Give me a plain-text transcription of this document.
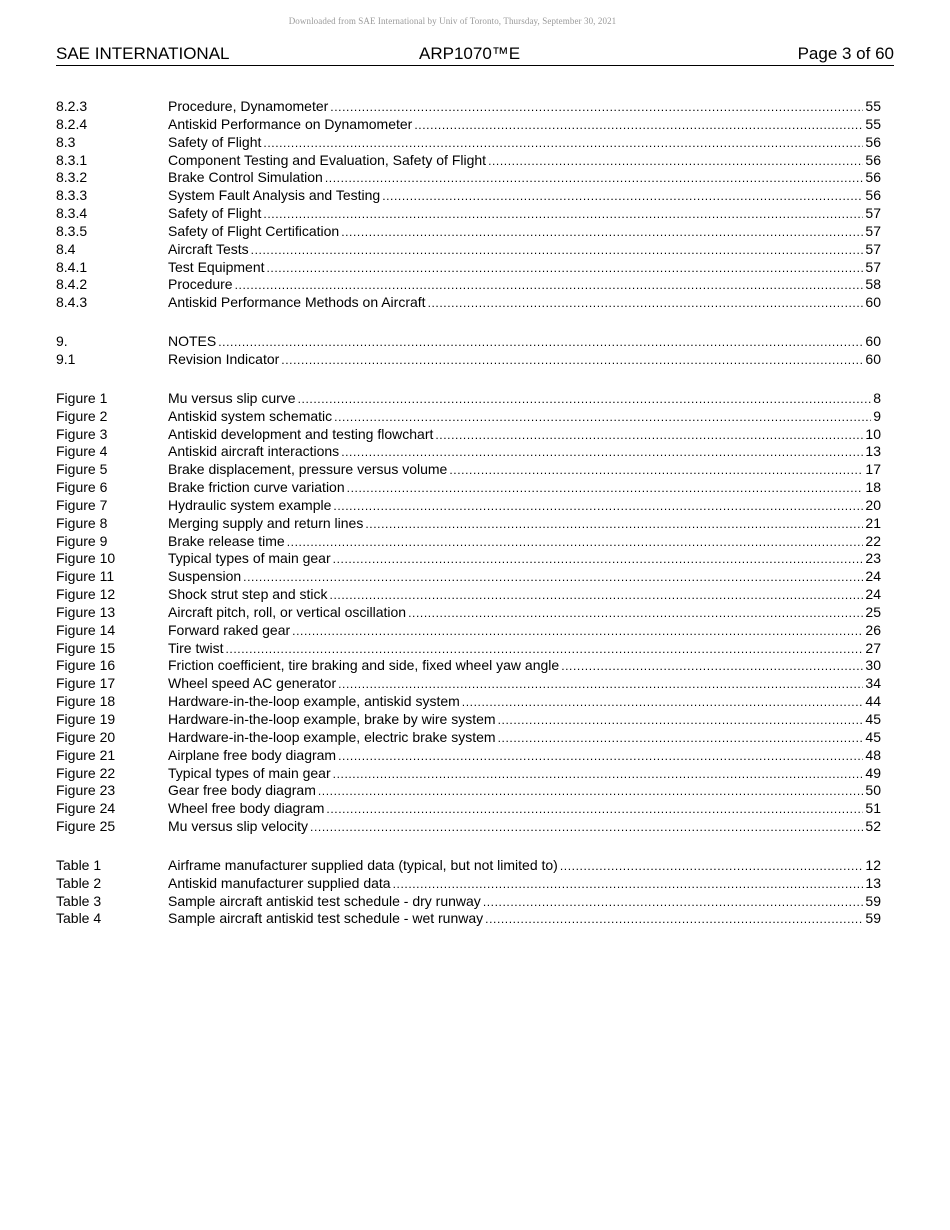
Downloaded from SAE International by Univ of Toronto, Thursday, September 30, 2021
SAE INTERNATIONAL	ARP1070™E	Page 3 of 60
8.2.3	Procedure, Dynamometer .....	55
8.2.4	Antiskid Performance on Dynamometer .....	55
8.3	Safety of Flight .....	56
8.3.1	Component Testing and Evaluation, Safety of Flight .....	56
8.3.2	Brake Control Simulation .....	56
8.3.3	System Fault Analysis and Testing .....	56
8.3.4	Safety of Flight .....	57
8.3.5	Safety of Flight Certification .....	57
8.4	Aircraft Tests .....	57
8.4.1	Test Equipment .....	57
8.4.2	Procedure .....	58
8.4.3	Antiskid Performance Methods on Aircraft .....	60
9.	NOTES .....	60
9.1	Revision Indicator .....	60
Figure 1	Mu versus slip curve .....	8
Figure 2	Antiskid system schematic .....	9
Figure 3	Antiskid development and testing flowchart .....	10
Figure 4	Antiskid aircraft interactions .....	13
Figure 5	Brake displacement, pressure versus volume .....	17
Figure 6	Brake friction curve variation .....	18
Figure 7	Hydraulic system example .....	20
Figure 8	Merging supply and return lines .....	21
Figure 9	Brake release time .....	22
Figure 10	Typical types of main gear .....	23
Figure 11	Suspension .....	24
Figure 12	Shock strut step and stick .....	24
Figure 13	Aircraft pitch, roll, or vertical oscillation .....	25
Figure 14	Forward raked gear .....	26
Figure 15	Tire twist .....	27
Figure 16	Friction coefficient, tire braking and side, fixed wheel yaw angle .....	30
Figure 17	Wheel speed AC generator .....	34
Figure 18	Hardware-in-the-loop example, antiskid system .....	44
Figure 19	Hardware-in-the-loop example, brake by wire system .....	45
Figure 20	Hardware-in-the-loop example, electric brake system .....	45
Figure 21	Airplane free body diagram .....	48
Figure 22	Typical types of main gear .....	49
Figure 23	Gear free body diagram .....	50
Figure 24	Wheel free body diagram .....	51
Figure 25	Mu versus slip velocity .....	52
Table 1	Airframe manufacturer supplied data (typical, but not limited to) .....	12
Table 2	Antiskid manufacturer supplied data .....	13
Table 3	Sample aircraft antiskid test schedule - dry runway .....	59
Table 4	Sample aircraft antiskid test schedule - wet runway .....	59
